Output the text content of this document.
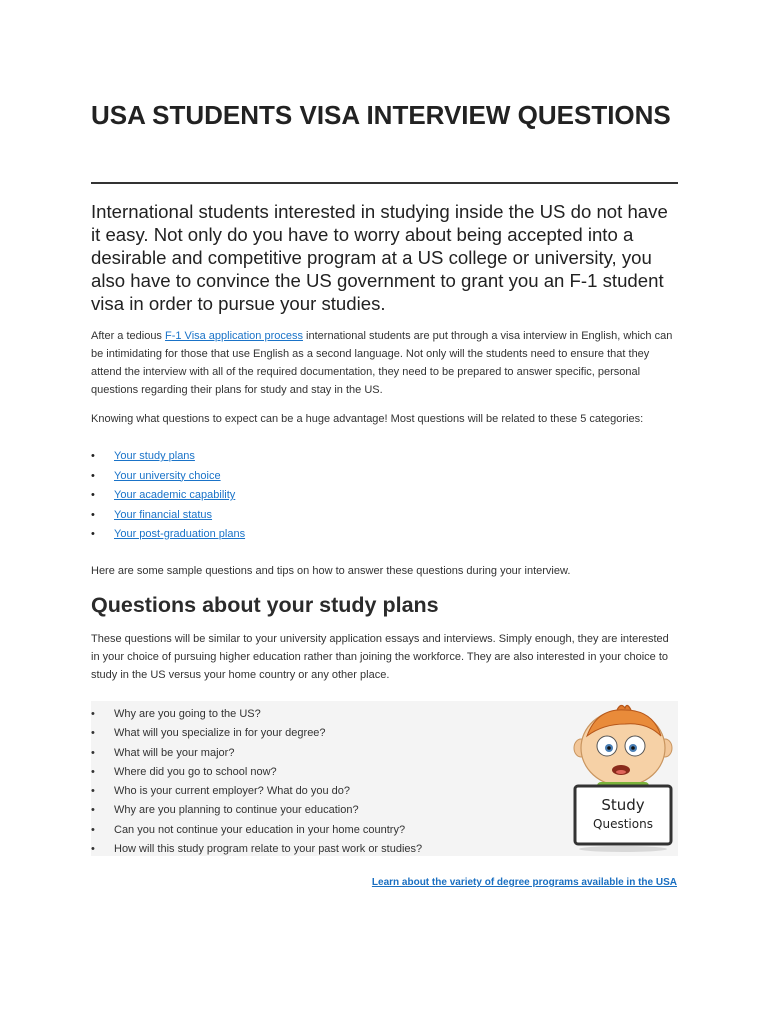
USA STUDENTS VISA INTERVIEW QUESTIONS

International students interested in studying inside the US do not have it easy. Not only do you have to worry about being accepted into a desirable and competitive program at a US college or university, you also have to convince the US government to grant you an F-1 student visa in order to pursue your studies.

After a tedious F-1 Visa application process international students are put through a visa interview in English, which can be intimidating for those that use English as a second language. Not only will the students need to ensure that they attend the interview with all of the required documentation, they need to be prepared to answer specific, personal questions regarding their plans for study and stay in the US.

Knowing what questions to expect can be a huge advantage! Most questions will be related to these 5 categories:

•	Your study plans
•	Your university choice
•	Your academic capability
•	Your financial status
•	Your post-graduation plans

Here are some sample questions and tips on how to answer these questions during your interview.

Questions about your study plans

These questions will be similar to your university application essays and interviews. Simply enough, they are interested in your choice of pursuing higher education rather than joining the workforce. They are also interested in your choice to study in the US versus your home country or any other place.

• Why are you going to the US?
• What will you specialize in for your degree?
• What will be your major?
• Where did you go to school now?
• Who is your current employer? What do you do?
• Why are you planning to continue your education?
• Can you not continue your education in your home country?
• How will this study program relate to your past work or studies?
Study
Questions
Learn about the variety of degree programs available in the USA
